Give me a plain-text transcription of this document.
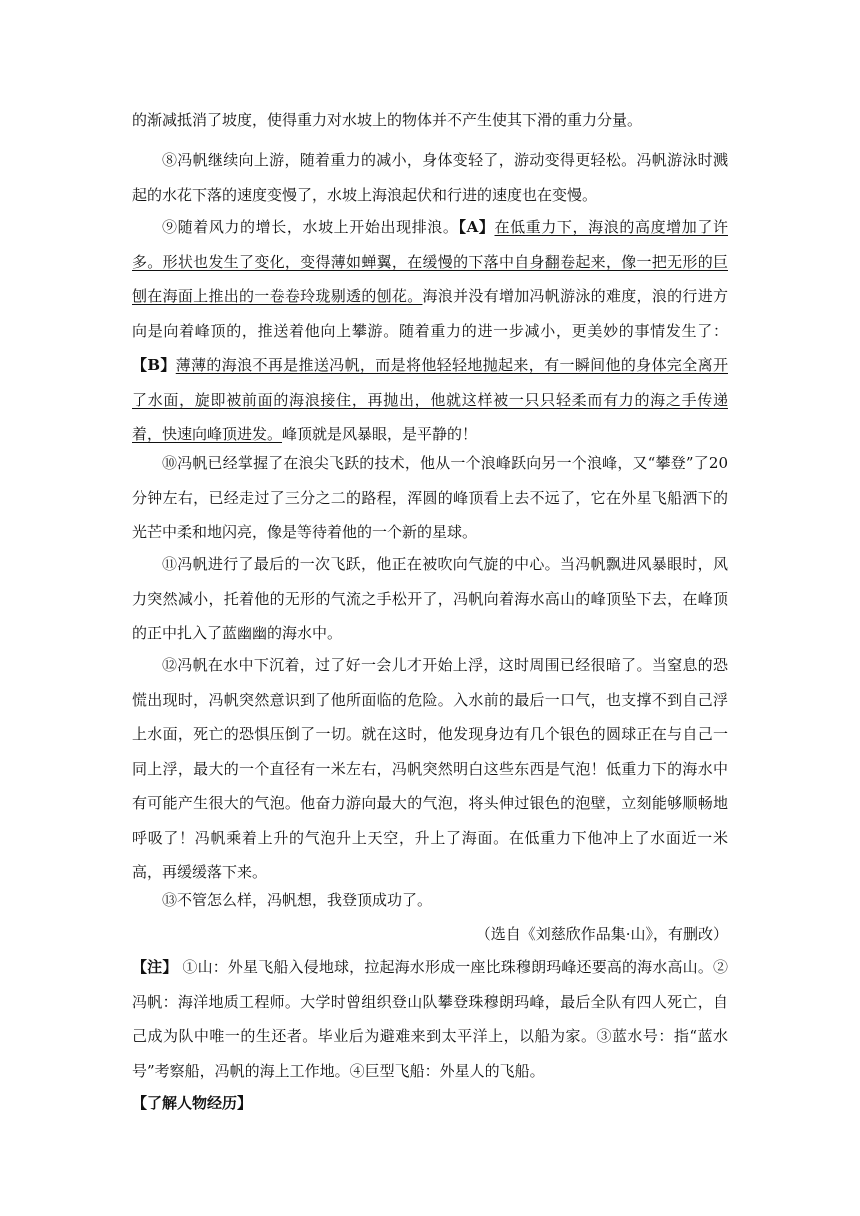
的渐减抵消了坡度，使得重力对水坡上的物体并不产生使其下滑的重力分量。

⑧冯帆继续向上游，随着重力的减小，身体变轻了，游动变得更轻松。冯帆游泳时溅起的水花下落的速度变慢了，水坡上海浪起伏和行进的速度也在变慢。

⑨随着风力的增长，水坡上开始出现排浪。【A】在低重力下，海浪的高度增加了许多。形状也发生了变化，变得薄如蝉翼，在缓慢的下落中自身翻卷起来，像一把无形的巨刨在海面上推出的一卷卷玲珑剔透的刨花。海浪并没有增加冯帆游泳的难度，浪的行进方向是向着峰顶的，推送着他向上攀游。随着重力的进一步减小，更美妙的事情发生了：【B】薄薄的海浪不再是推送冯帆，而是将他轻轻地抛起来，有一瞬间他的身体完全离开了水面，旋即被前面的海浪接住，再抛出，他就这样被一只只轻柔而有力的海之手传递着，快速向峰顶进发。峰顶就是风暴眼，是平静的！

⑩冯帆已经掌握了在浪尖飞跃的技术，他从一个浪峰跃向另一个浪峰，又“攀登”了20分钟左右，已经走过了三分之二的路程，浑圆的峰顶看上去不远了，它在外星飞船洒下的光芒中柔和地闪亮，像是等待着他的一个新的星球。

⑪冯帆进行了最后的一次飞跃，他正在被吹向气旋的中心。当冯帆飘进风暴眼时，风力突然减小，托着他的无形的气流之手松开了，冯帆向着海水高山的峰顶坠下去，在峰顶的正中扎入了蓝幽幽的海水中。

⑫冯帆在水中下沉着，过了好一会儿才开始上浮，这时周围已经很暗了。当窒息的恐慌出现时，冯帆突然意识到了他所面临的危险。入水前的最后一口气，也支撑不到自己浮上水面，死亡的恐惧压倒了一切。就在这时，他发现身边有几个银色的圆球正在与自己一同上浮，最大的一个直径有一米左右，冯帆突然明白这些东西是气泡！低重力下的海水中有可能产生很大的气泡。他奋力游向最大的气泡，将头伸过银色的泡壁，立刻能够顺畅地呼吸了！冯帆乘着上升的气泡升上天空，升上了海面。在低重力下他冲上了水面近一米高，再缓缓落下来。

⑬不管怎么样，冯帆想，我登顶成功了。

（选自《刘慈欣作品集·山》，有删改）

【注】 ①山：外星飞船入侵地球，拉起海水形成一座比珠穆朗玛峰还要高的海水高山。②冯帆：海洋地质工程师。大学时曾组织登山队攀登珠穆朗玛峰，最后全队有四人死亡，自己成为队中唯一的生还者。毕业后为避难来到太平洋上，以船为家。③蓝水号：指“蓝水号”考察船，冯帆的海上工作地。④巨型飞船：外星人的飞船。

【了解人物经历】
